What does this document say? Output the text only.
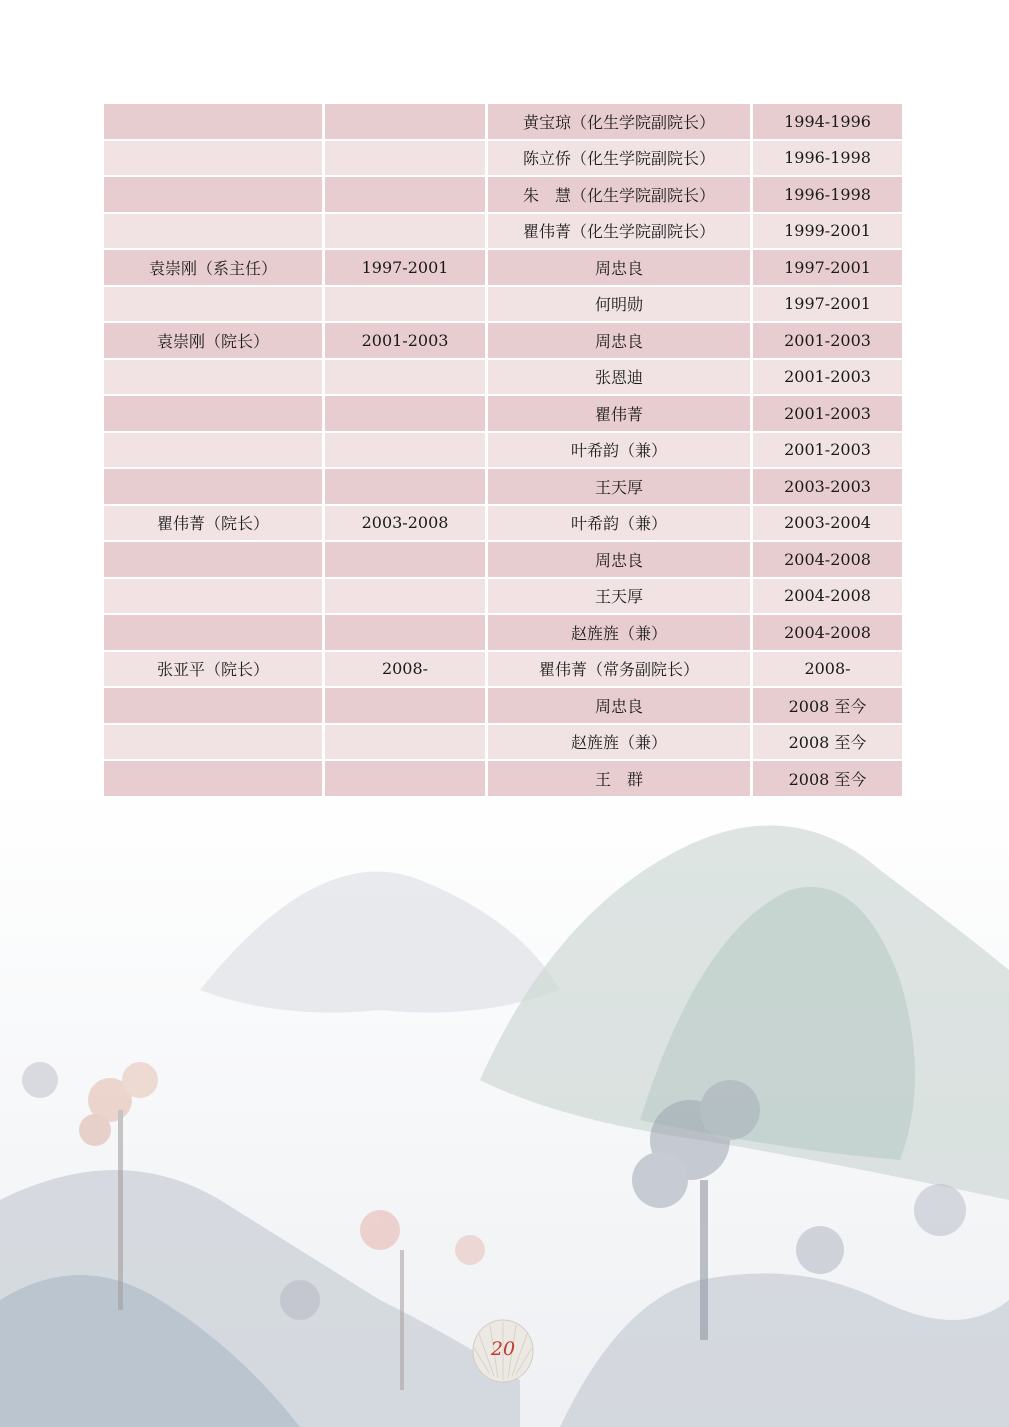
		黄宝琼（化生学院副院长）	1994-1996
		陈立侨（化生学院副院长）	1996-1998
		朱　慧（化生学院副院长）	1996-1998
		瞿伟菁（化生学院副院长）	1999-2001
袁崇刚（系主任）	1997-2001	周忠良	1997-2001
		何明勋	1997-2001
袁崇刚（院长）	2001-2003	周忠良	2001-2003
		张恩迪	2001-2003
		瞿伟菁	2001-2003
		叶希韵（兼）	2001-2003
		王天厚	2003-2003
瞿伟菁（院长）	2003-2008	叶希韵（兼）	2003-2004
		周忠良	2004-2008
		王天厚	2004-2008
		赵旌旌（兼）	2004-2008
张亚平（院长）	2008-	瞿伟菁（常务副院长）	2008-
		周忠良	2008 至今
		赵旌旌（兼）	2008 至今
		王　群	2008 至今
20
